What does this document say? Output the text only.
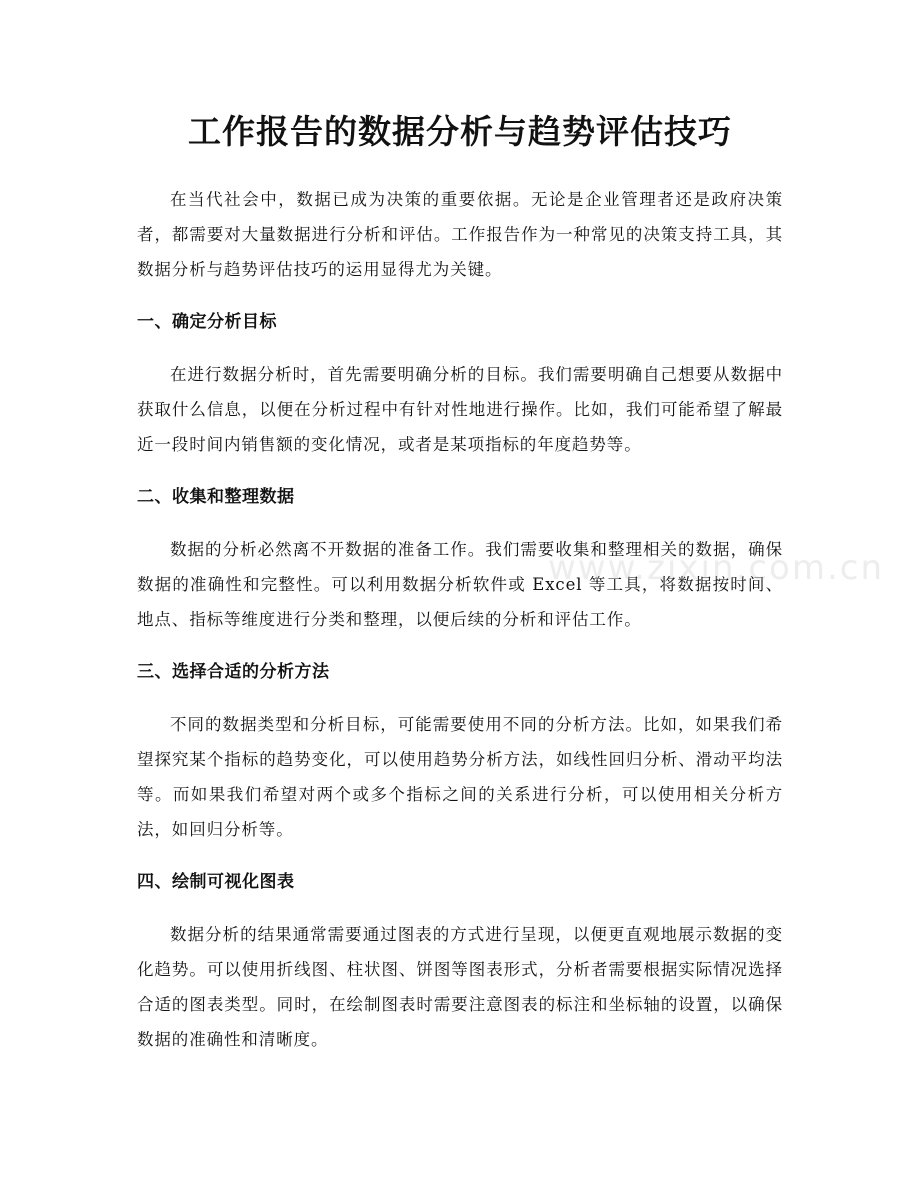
工作报告的数据分析与趋势评估技巧

在当代社会中，数据已成为决策的重要依据。无论是企业管理者还是政府决策者，都需要对大量数据进行分析和评估。工作报告作为一种常见的决策支持工具，其数据分析与趋势评估技巧的运用显得尤为关键。

一、确定分析目标

在进行数据分析时，首先需要明确分析的目标。我们需要明确自己想要从数据中获取什么信息，以便在分析过程中有针对性地进行操作。比如，我们可能希望了解最近一段时间内销售额的变化情况，或者是某项指标的年度趋势等。

二、收集和整理数据

数据的分析必然离不开数据的准备工作。我们需要收集和整理相关的数据，确保数据的准确性和完整性。可以利用数据分析软件或 Excel 等工具，将数据按时间、地点、指标等维度进行分类和整理，以便后续的分析和评估工作。

三、选择合适的分析方法

不同的数据类型和分析目标，可能需要使用不同的分析方法。比如，如果我们希望探究某个指标的趋势变化，可以使用趋势分析方法，如线性回归分析、滑动平均法等。而如果我们希望对两个或多个指标之间的关系进行分析，可以使用相关分析方法，如回归分析等。

四、绘制可视化图表

数据分析的结果通常需要通过图表的方式进行呈现，以便更直观地展示数据的变化趋势。可以使用折线图、柱状图、饼图等图表形式，分析者需要根据实际情况选择合适的图表类型。同时，在绘制图表时需要注意图表的标注和坐标轴的设置，以确保数据的准确性和清晰度。

www.zixin.com.cn
